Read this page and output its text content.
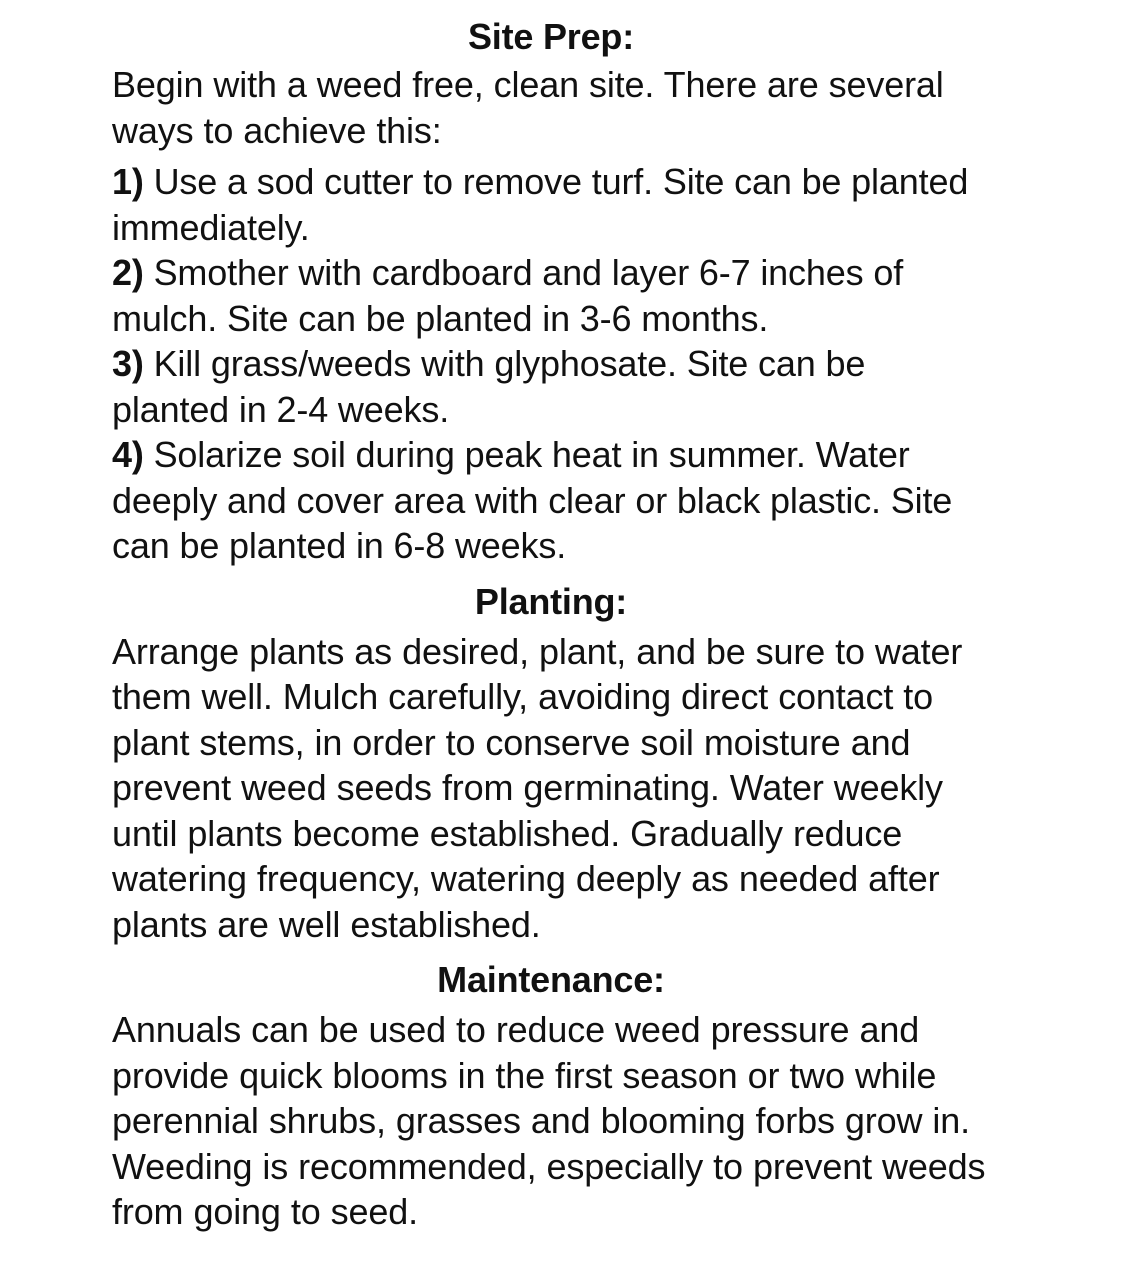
Site Prep:

Begin with a weed free, clean site. There are several ways to achieve this:

1) Use a sod cutter to remove turf. Site can be planted immediately.
2) Smother with cardboard and layer 6-7 inches of mulch. Site can be planted in 3-6 months.
3) Kill grass/weeds with glyphosate. Site can be planted in 2-4 weeks.
4) Solarize soil during peak heat in summer. Water deeply and cover area with clear or black plastic. Site can be planted in 6-8 weeks.
Planting:

Arrange plants as desired, plant, and be sure to water them well. Mulch carefully, avoiding direct contact to plant stems, in order to conserve soil moisture and prevent weed seeds from germinating. Water weekly until plants become established. Gradually reduce watering frequency, watering deeply as needed after plants are well established.

Maintenance:

Annuals can be used to reduce weed pressure and provide quick blooms in the first season or two while perennial shrubs, grasses and blooming forbs grow in. Weeding is recommended, especially to prevent weeds from going to seed.
